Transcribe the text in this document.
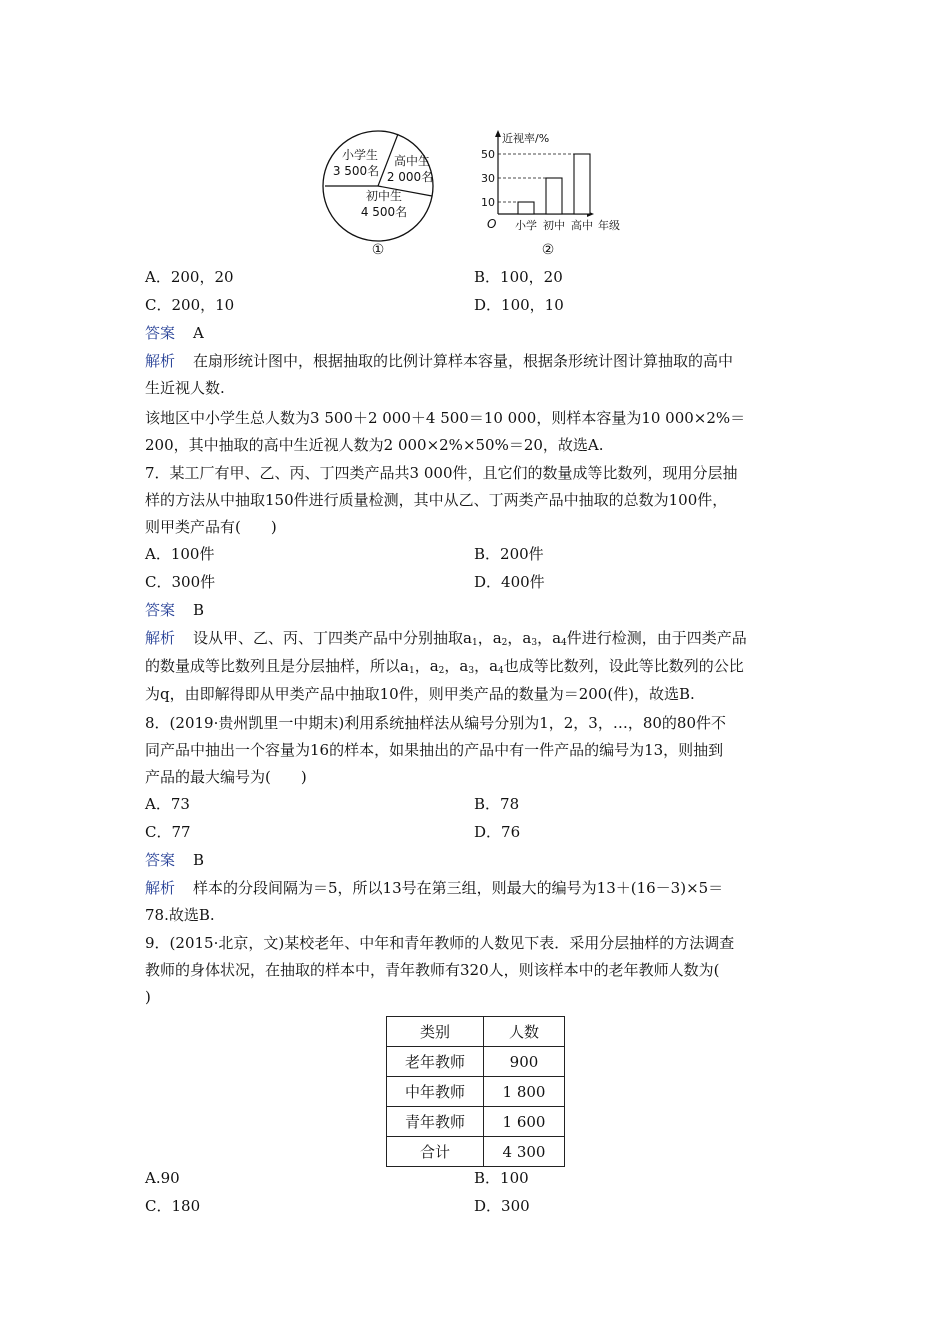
小学生
3 500名
高中生
2 000名
初中生
4 500名
①
近视率/%
年级
O 小学 初中 高中
10
30
50
②
A．200，20	B．100，20
C．200，10	D．100，10
答案 A
解析 在扇形统计图中，根据抽取的比例计算样本容量，根据条形统计图计算抽取的高中
生近视人数.
该地区中小学生总人数为3 500＋2 000＋4 500＝10 000，则样本容量为10 000×2%＝
200，其中抽取的高中生近视人数为2 000×2%×50%＝20，故选A.
7．某工厂有甲、乙、丙、丁四类产品共3 000件，且它们的数量成等比数列，现用分层抽
样的方法从中抽取150件进行质量检测，其中从乙、丁两类产品中抽取的总数为100件，
则甲类产品有(　　)
A．100件	B．200件
C．300件	D．400件
答案 B
解析 设从甲、乙、丙、丁四类产品中分别抽取$a_1$，$a_2$，$a_3$，$a_4$件进行检测，由于四类产品
的数量成等比数列且是分层抽样，所以$a_1$，$a_2$，$a_3$，$a_4$也成等比数列，设此等比数列的公比
为q，由即解得即从甲类产品中抽取10件，则甲类产品的数量为＝200(件)，故选B.
8．(2019·贵州凯里一中期末)利用系统抽样法从编号分别为1，2，3，…，80的80件不
同产品中抽出一个容量为16的样本，如果抽出的产品中有一件产品的编号为13，则抽到
产品的最大编号为(　　)
A．73	B．78
C．77	D．76
答案 B
解析 样本的分段间隔为＝5，所以13号在第三组，则最大的编号为13＋(16－3)×5＝
78.故选B.
9．(2015·北京，文)某校老年、中年和青年教师的人数见下表．采用分层抽样的方法调查
教师的身体状况，在抽取的样本中，青年教师有320人，则该样本中的老年教师人数为(
)
类别	人数
老年教师	900
中年教师	1 800
青年教师	1 600
合计	4 300
A.90	B．100
C．180	D．300
